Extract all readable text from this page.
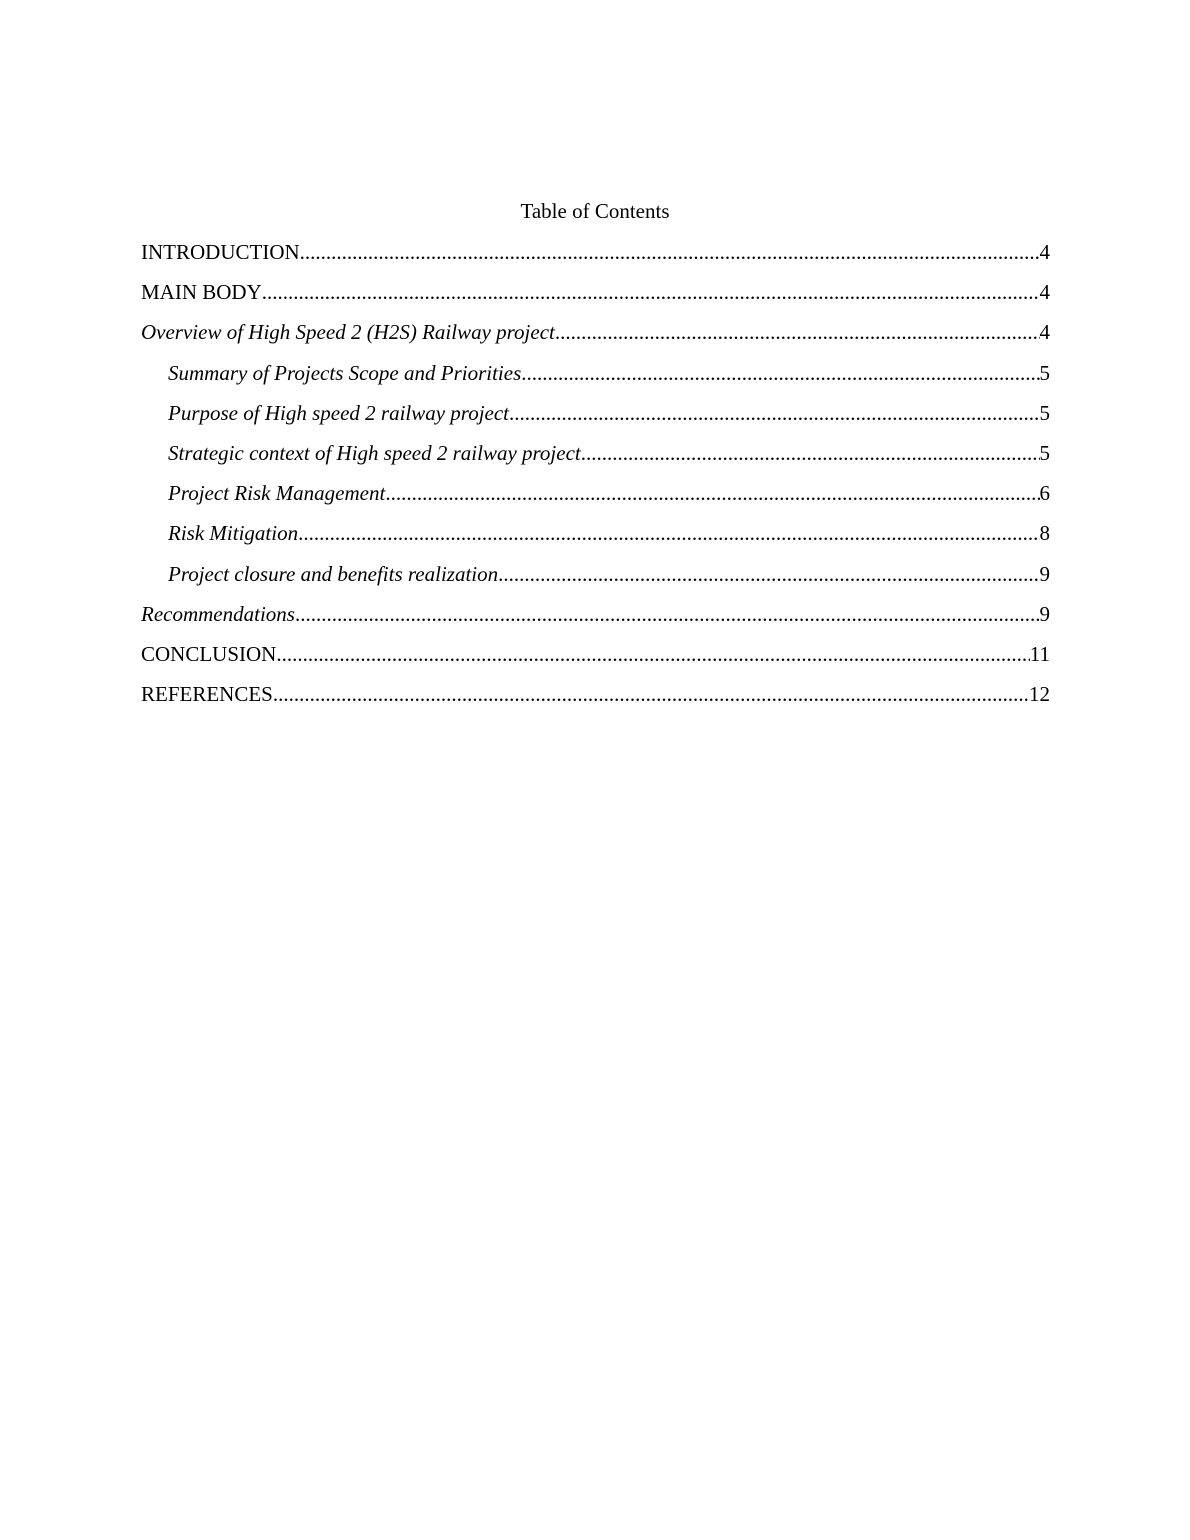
Table of Contents
INTRODUCTION .....	4
MAIN BODY .....	4
Overview of High Speed 2 (H2S) Railway project .....	4
Summary of Projects Scope and Priorities .....	5
Purpose of High speed 2 railway project .....	5
Strategic context of High speed 2 railway project .....	5
Project Risk Management .....	6
Risk Mitigation .....	8
Project closure and benefits realization .....	9
Recommendations .....	9
CONCLUSION .....	11
REFERENCES .....	12
